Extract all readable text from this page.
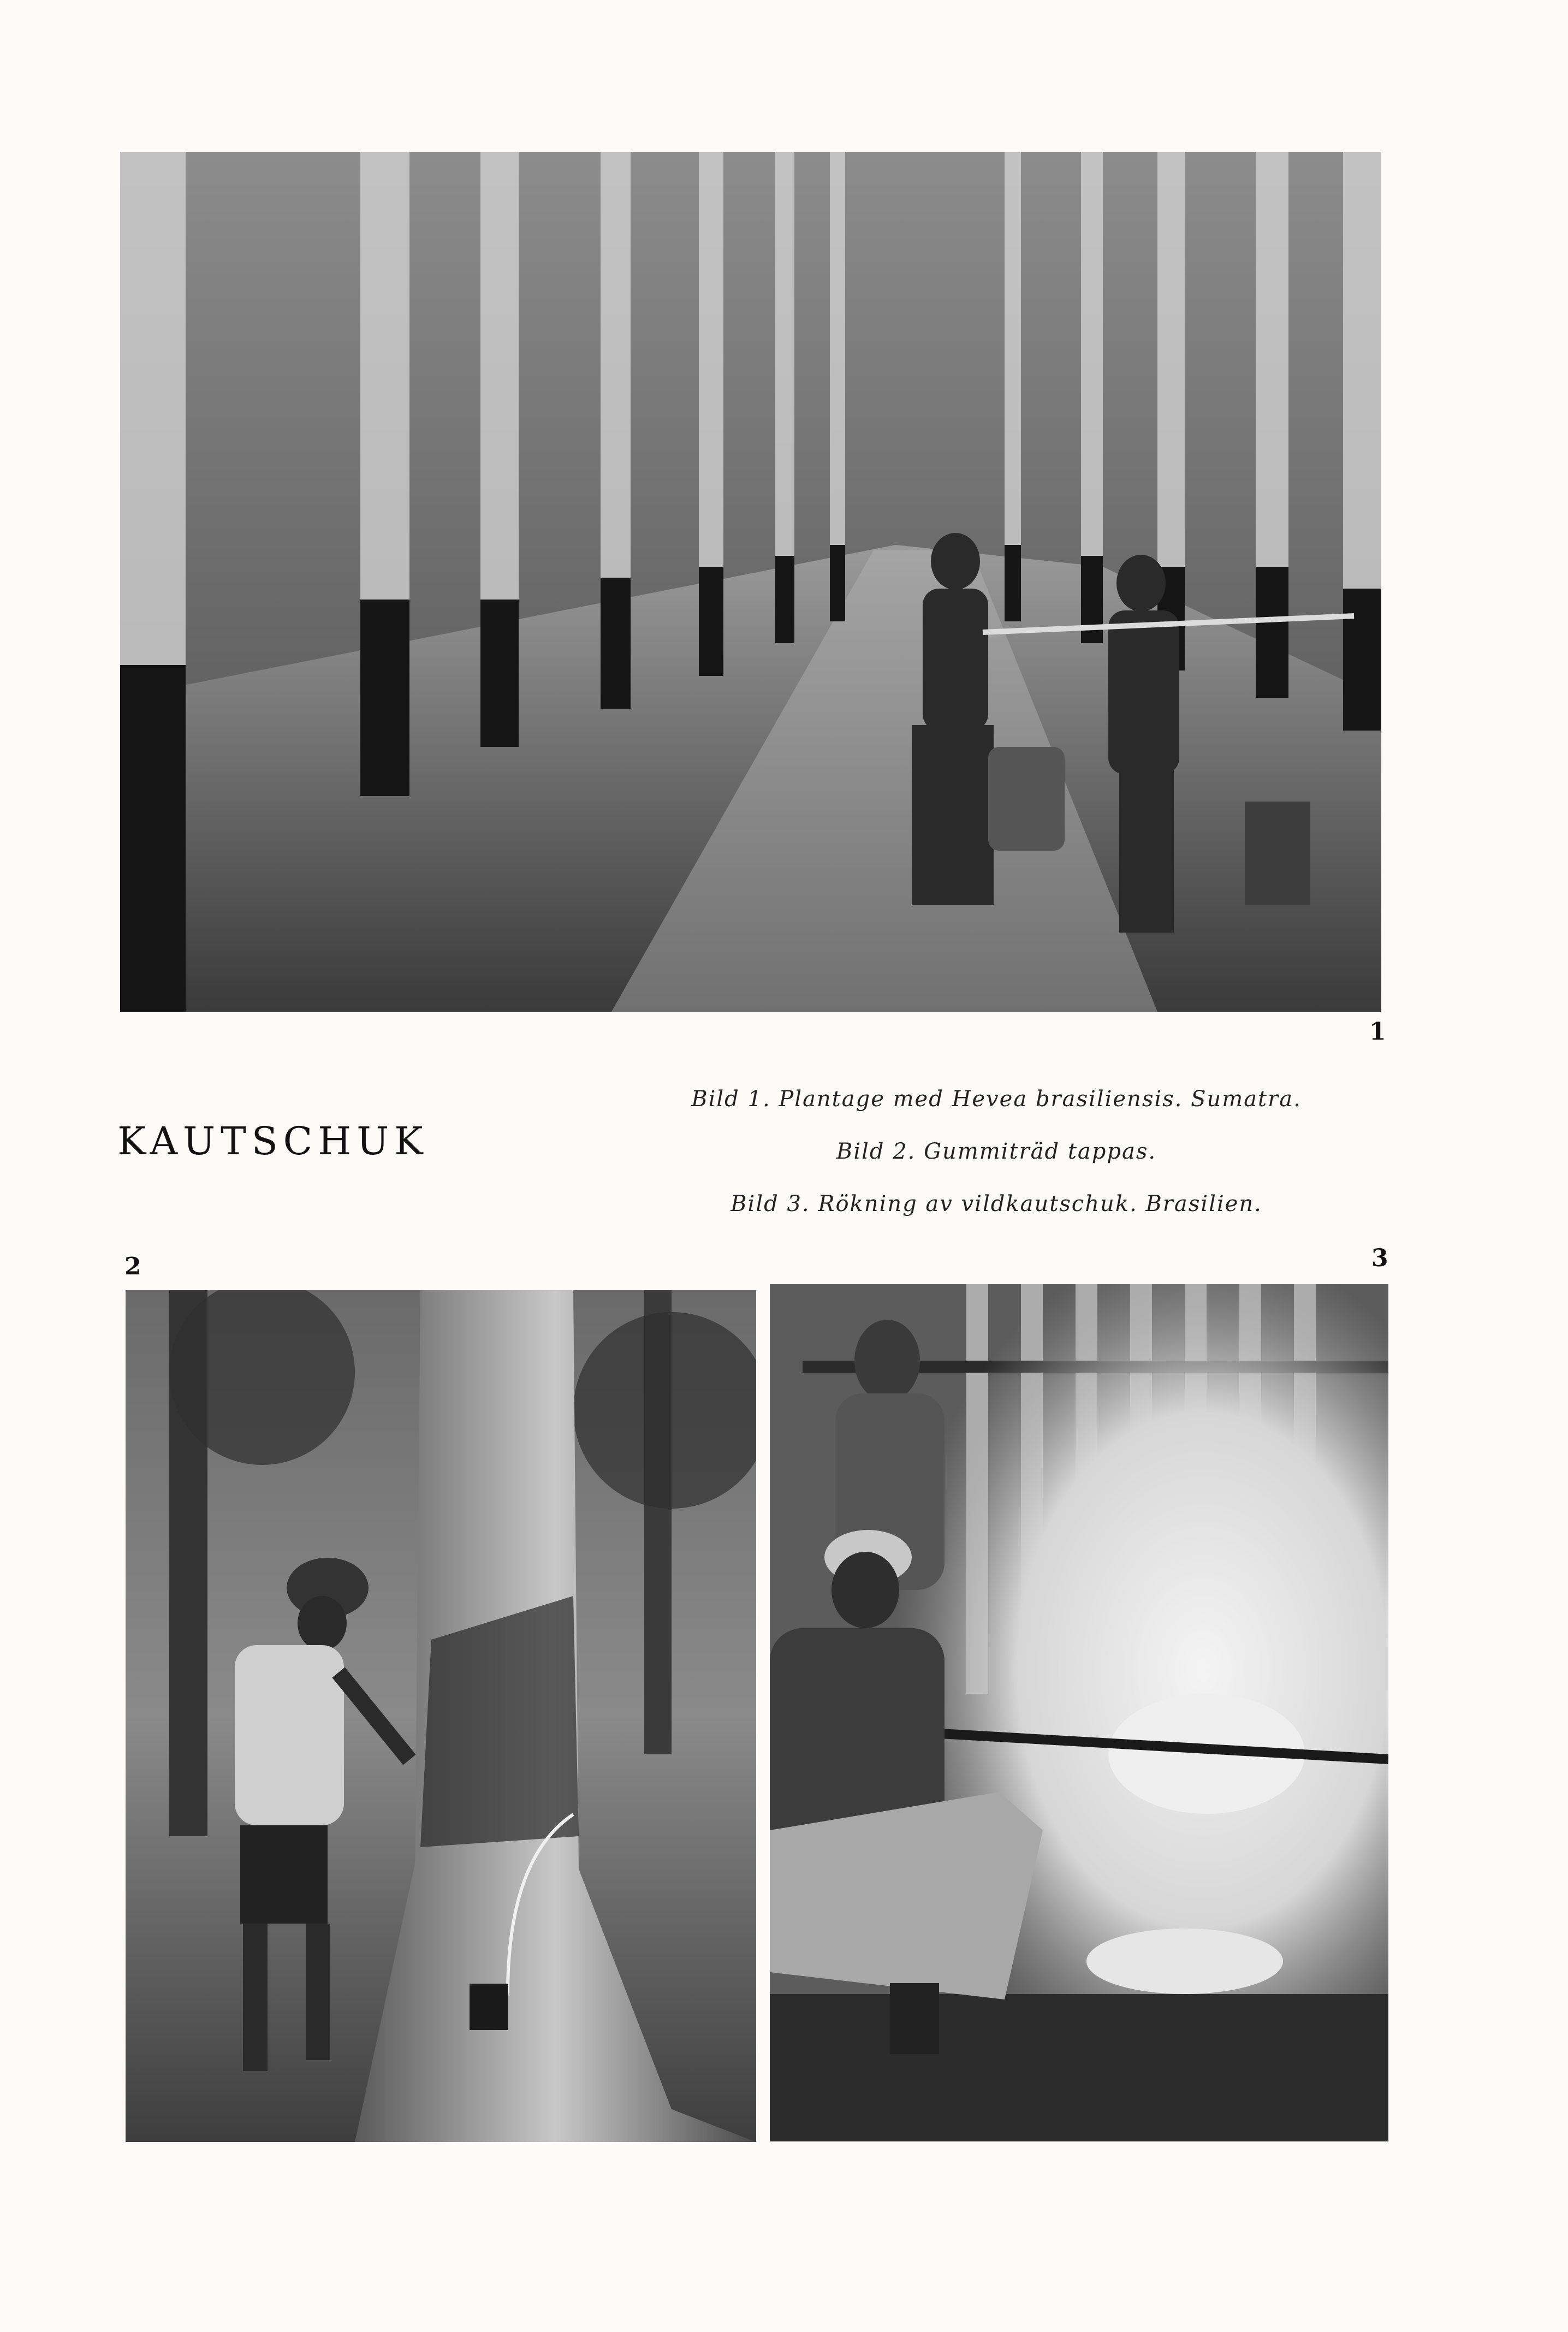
1
KAUTSCHUK
Bild 1. Plantage med Hevea brasiliensis. Sumatra.
Bild 2. Gummiträd tappas.
Bild 3. Rökning av vildkautschuk. Brasilien.
2	3
